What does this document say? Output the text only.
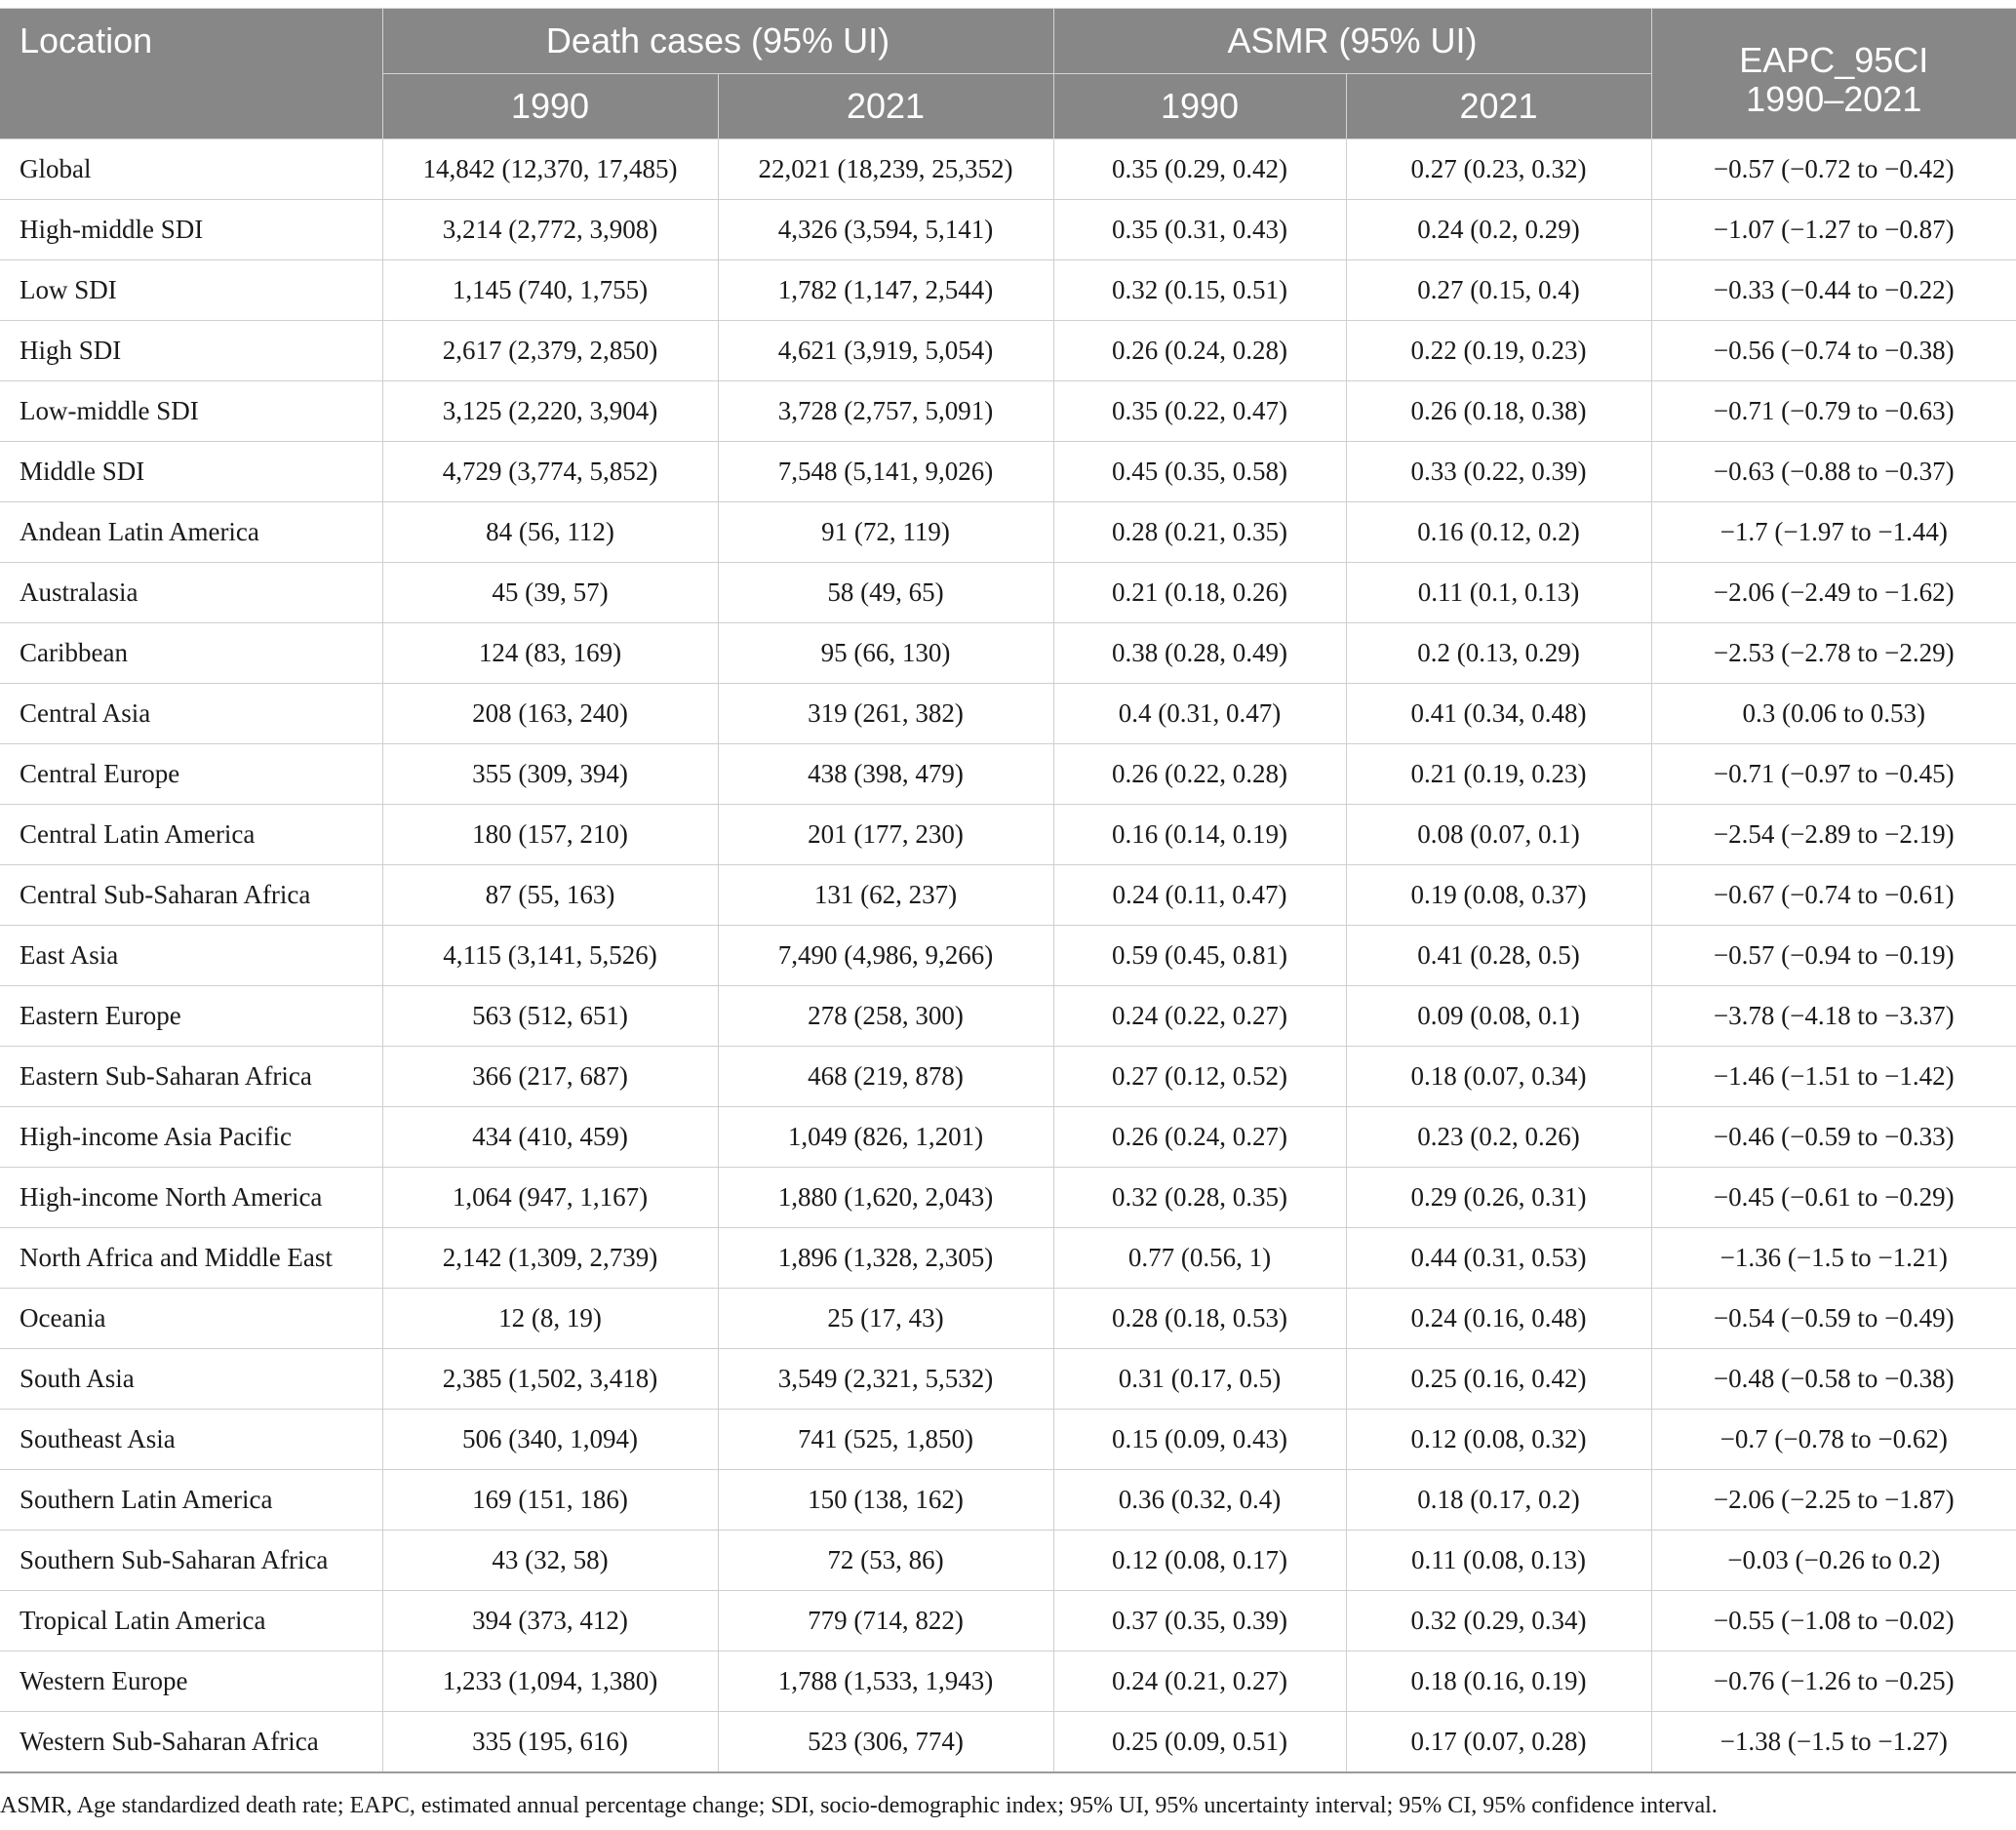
Location	Death cases (95% UI)		ASMR (95% UI)		EAPC_95CI
1990–2021

	1990	2021	1990	2021	
Global	14,842 (12,370, 17,485)	22,021 (18,239, 25,352)	0.35 (0.29, 0.42)	0.27 (0.23, 0.32)	−0.57 (−0.72 to −0.42)
High-middle SDI	3,214 (2,772, 3,908)	4,326 (3,594, 5,141)	0.35 (0.31, 0.43)	0.24 (0.2, 0.29)	−1.07 (−1.27 to −0.87)
Low SDI	1,145 (740, 1,755)	1,782 (1,147, 2,544)	0.32 (0.15, 0.51)	0.27 (0.15, 0.4)	−0.33 (−0.44 to −0.22)
High SDI	2,617 (2,379, 2,850)	4,621 (3,919, 5,054)	0.26 (0.24, 0.28)	0.22 (0.19, 0.23)	−0.56 (−0.74 to −0.38)
Low-middle SDI	3,125 (2,220, 3,904)	3,728 (2,757, 5,091)	0.35 (0.22, 0.47)	0.26 (0.18, 0.38)	−0.71 (−0.79 to −0.63)
Middle SDI	4,729 (3,774, 5,852)	7,548 (5,141, 9,026)	0.45 (0.35, 0.58)	0.33 (0.22, 0.39)	−0.63 (−0.88 to −0.37)
Andean Latin America	84 (56, 112)	91 (72, 119)	0.28 (0.21, 0.35)	0.16 (0.12, 0.2)	−1.7 (−1.97 to −1.44)
Australasia	45 (39, 57)	58 (49, 65)	0.21 (0.18, 0.26)	0.11 (0.1, 0.13)	−2.06 (−2.49 to −1.62)
Caribbean	124 (83, 169)	95 (66, 130)	0.38 (0.28, 0.49)	0.2 (0.13, 0.29)	−2.53 (−2.78 to −2.29)
Central Asia	208 (163, 240)	319 (261, 382)	0.4 (0.31, 0.47)	0.41 (0.34, 0.48)	0.3 (0.06 to 0.53)
Central Europe	355 (309, 394)	438 (398, 479)	0.26 (0.22, 0.28)	0.21 (0.19, 0.23)	−0.71 (−0.97 to −0.45)
Central Latin America	180 (157, 210)	201 (177, 230)	0.16 (0.14, 0.19)	0.08 (0.07, 0.1)	−2.54 (−2.89 to −2.19)
Central Sub-Saharan Africa	87 (55, 163)	131 (62, 237)	0.24 (0.11, 0.47)	0.19 (0.08, 0.37)	−0.67 (−0.74 to −0.61)
East Asia	4,115 (3,141, 5,526)	7,490 (4,986, 9,266)	0.59 (0.45, 0.81)	0.41 (0.28, 0.5)	−0.57 (−0.94 to −0.19)
Eastern Europe	563 (512, 651)	278 (258, 300)	0.24 (0.22, 0.27)	0.09 (0.08, 0.1)	−3.78 (−4.18 to −3.37)
Eastern Sub-Saharan Africa	366 (217, 687)	468 (219, 878)	0.27 (0.12, 0.52)	0.18 (0.07, 0.34)	−1.46 (−1.51 to −1.42)
High-income Asia Pacific	434 (410, 459)	1,049 (826, 1,201)	0.26 (0.24, 0.27)	0.23 (0.2, 0.26)	−0.46 (−0.59 to −0.33)
High-income North America	1,064 (947, 1,167)	1,880 (1,620, 2,043)	0.32 (0.28, 0.35)	0.29 (0.26, 0.31)	−0.45 (−0.61 to −0.29)
North Africa and Middle East	2,142 (1,309, 2,739)	1,896 (1,328, 2,305)	0.77 (0.56, 1)	0.44 (0.31, 0.53)	−1.36 (−1.5 to −1.21)
Oceania	12 (8, 19)	25 (17, 43)	0.28 (0.18, 0.53)	0.24 (0.16, 0.48)	−0.54 (−0.59 to −0.49)
South Asia	2,385 (1,502, 3,418)	3,549 (2,321, 5,532)	0.31 (0.17, 0.5)	0.25 (0.16, 0.42)	−0.48 (−0.58 to −0.38)
Southeast Asia	506 (340, 1,094)	741 (525, 1,850)	0.15 (0.09, 0.43)	0.12 (0.08, 0.32)	−0.7 (−0.78 to −0.62)
Southern Latin America	169 (151, 186)	150 (138, 162)	0.36 (0.32, 0.4)	0.18 (0.17, 0.2)	−2.06 (−2.25 to −1.87)
Southern Sub-Saharan Africa	43 (32, 58)	72 (53, 86)	0.12 (0.08, 0.17)	0.11 (0.08, 0.13)	−0.03 (−0.26 to 0.2)
Tropical Latin America	394 (373, 412)	779 (714, 822)	0.37 (0.35, 0.39)	0.32 (0.29, 0.34)	−0.55 (−1.08 to −0.02)
Western Europe	1,233 (1,094, 1,380)	1,788 (1,533, 1,943)	0.24 (0.21, 0.27)	0.18 (0.16, 0.19)	−0.76 (−1.26 to −0.25)
Western Sub-Saharan Africa	335 (195, 616)	523 (306, 774)	0.25 (0.09, 0.51)	0.17 (0.07, 0.28)	−1.38 (−1.5 to −1.27)
ASMR, Age standardized death rate; EAPC, estimated annual percentage change; SDI, socio-demographic index; 95% UI, 95% uncertainty interval; 95% CI, 95% confidence interval.
